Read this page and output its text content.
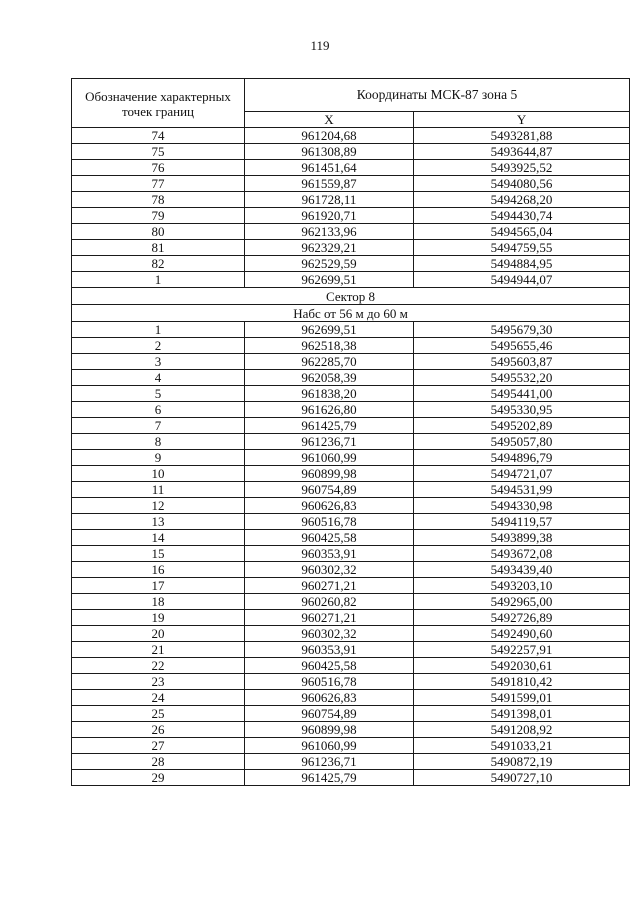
119
Обозначение характерных точек границ	Координаты МСК-87 зона 5	
	X	Y
74	961204,68	5493281,88
75	961308,89	5493644,87
76	961451,64	5493925,52
77	961559,87	5494080,56
78	961728,11	5494268,20
79	961920,71	5494430,74
80	962133,96	5494565,04
81	962329,21	5494759,55
82	962529,59	5494884,95
1	962699,51	5494944,07
Сектор 8		
Набс от 56 м до 60 м		
1	962699,51	5495679,30
2	962518,38	5495655,46
3	962285,70	5495603,87
4	962058,39	5495532,20
5	961838,20	5495441,00
6	961626,80	5495330,95
7	961425,79	5495202,89
8	961236,71	5495057,80
9	961060,99	5494896,79
10	960899,98	5494721,07
11	960754,89	5494531,99
12	960626,83	5494330,98
13	960516,78	5494119,57
14	960425,58	5493899,38
15	960353,91	5493672,08
16	960302,32	5493439,40
17	960271,21	5493203,10
18	960260,82	5492965,00
19	960271,21	5492726,89
20	960302,32	5492490,60
21	960353,91	5492257,91
22	960425,58	5492030,61
23	960516,78	5491810,42
24	960626,83	5491599,01
25	960754,89	5491398,01
26	960899,98	5491208,92
27	961060,99	5491033,21
28	961236,71	5490872,19
29	961425,79	5490727,10
